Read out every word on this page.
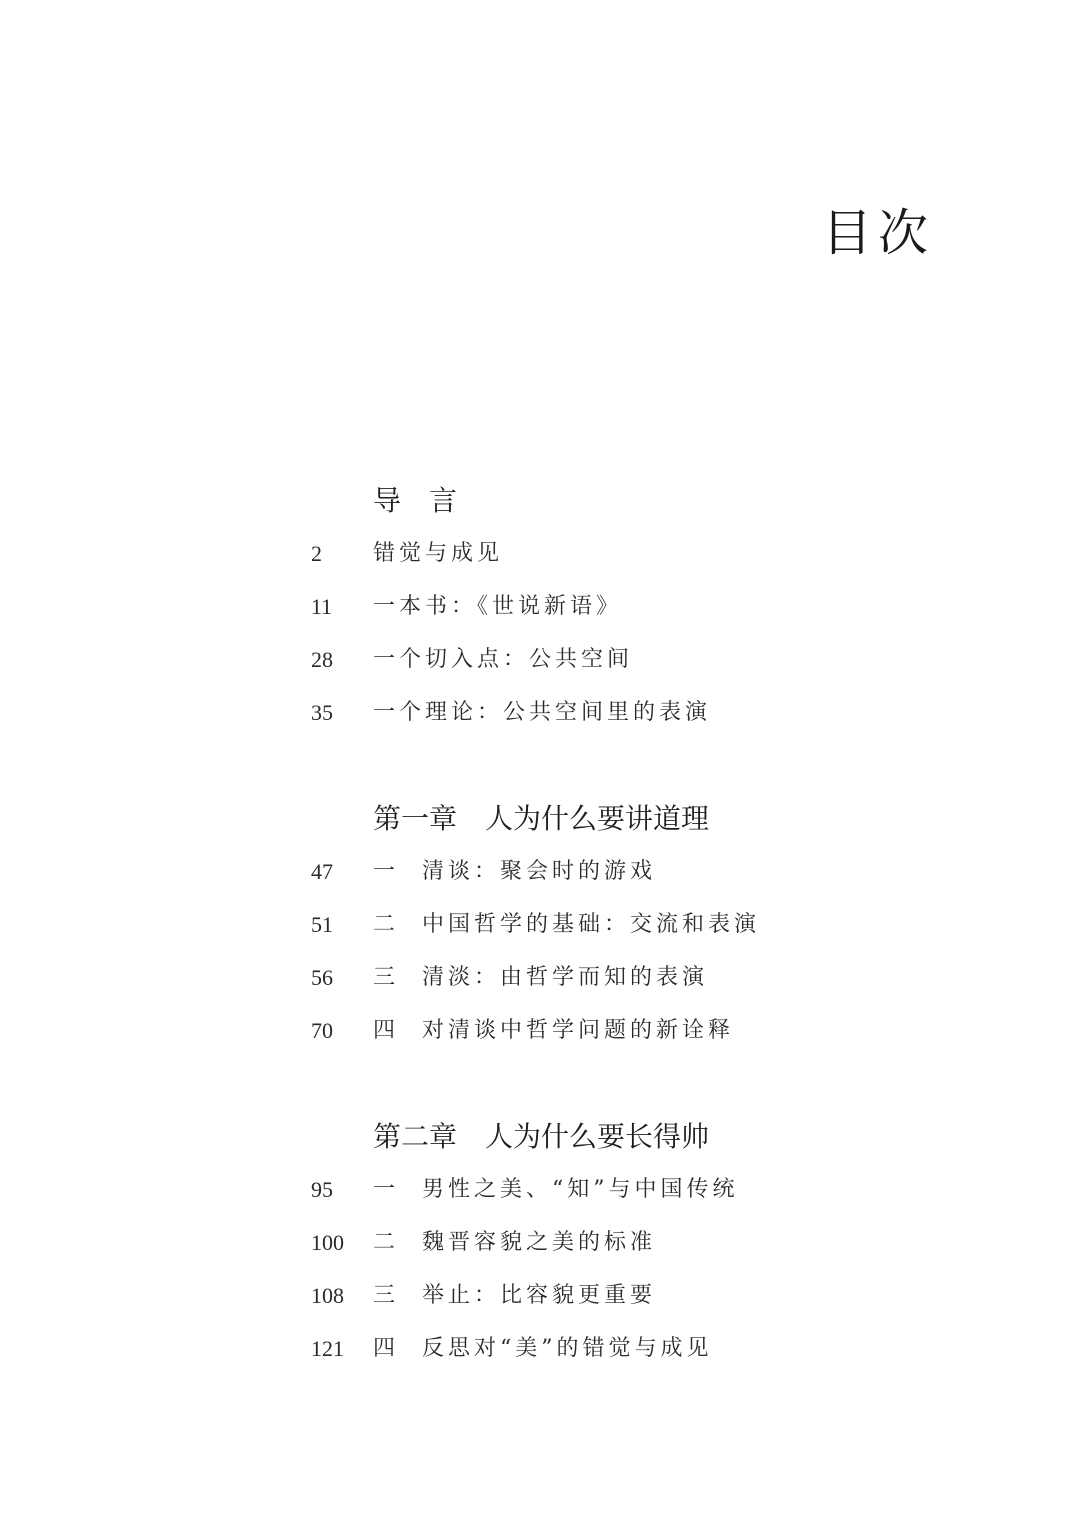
目次
导　言
2 错觉与成见
11 一本书：《世说新语》
28 一个切入点：公共空间
35 一个理论：公共空间里的表演
第一章　人为什么要讲道理
47 一 清谈：聚会时的游戏
51 二 中国哲学的基础：交流和表演
56 三 清淡：由哲学而知的表演
70 四 对清谈中哲学问题的新诠释
第二章　人为什么要长得帅
95 一 男性之美、“知”与中国传统
100 二 魏晋容貌之美的标准
108 三 举止：比容貌更重要
121 四 反思对“美”的错觉与成见
